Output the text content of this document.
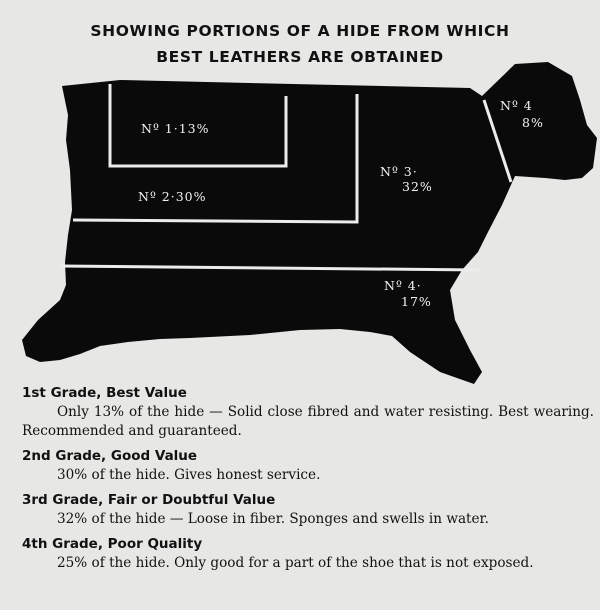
SHOWING PORTIONS OF A HIDE FROM WHICH
BEST LEATHERS ARE OBTAINED
Nº 1·13%
Nº 2·30%
Nº 3·
32%
Nº 4
8%
Nº 4·
17%
1st Grade, Best Value
Only 13% of the hide — Solid close fibred and water resisting. Best wearing. Recommended and guaranteed.
2nd Grade, Good Value
30% of the hide. Gives honest service.
3rd Grade, Fair or Doubtful Value
32% of the hide — Loose in fiber. Sponges and swells in water.
4th Grade, Poor Quality
25% of the hide. Only good for a part of the shoe that is not exposed.
